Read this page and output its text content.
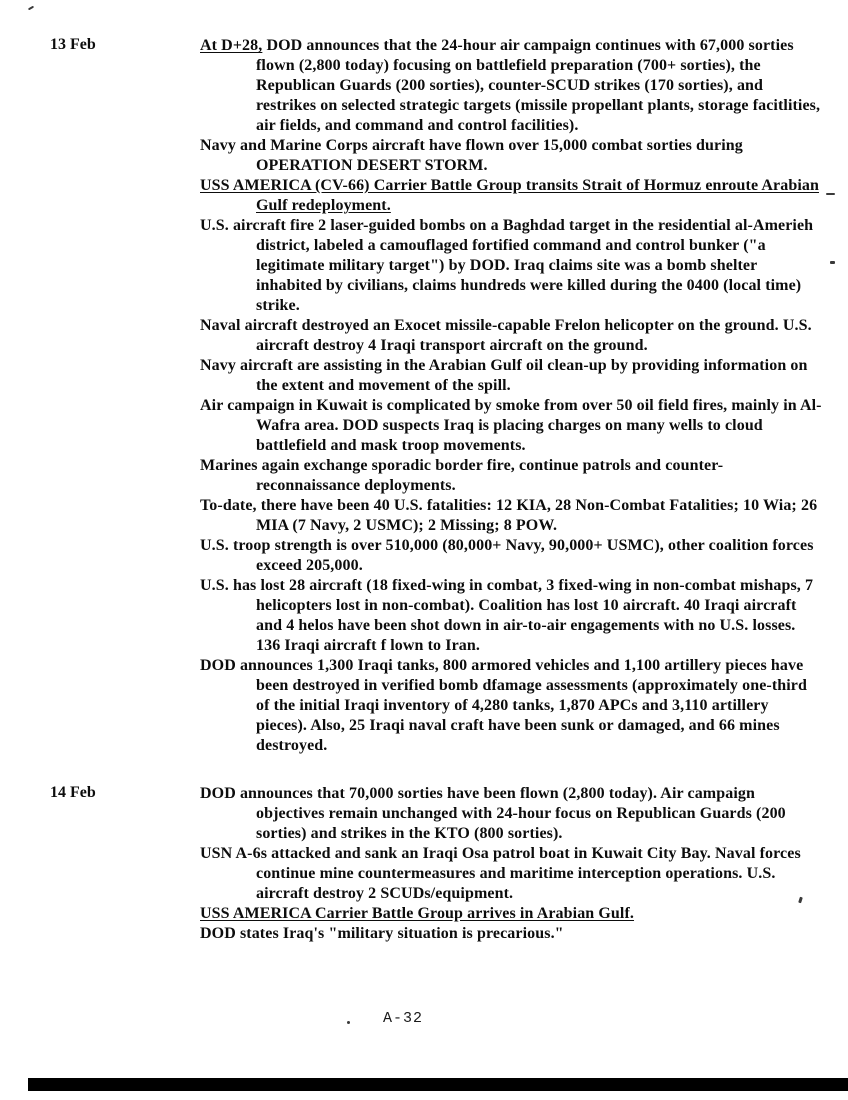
13 Feb	At D+28, DOD announces that the 24-hour air campaign continues with 67,000 sorties flown (2,800 today) focusing on battlefield preparation (700+ sorties), the Republican Guards (200 sorties), counter-SCUD strikes (170 sorties), and restrikes on selected strategic targets (missile propellant plants, storage facitlities, air fields, and command and control facilities).

Navy and Marine Corps aircraft have flown over 15,000 combat sorties during OPERATION DESERT STORM.

USS AMERICA (CV-66) Carrier Battle Group transits Strait of Hormuz enroute Arabian Gulf redeployment.

U.S. aircraft fire 2 laser-guided bombs on a Baghdad target in the residential al-Amerieh district, labeled a camouflaged fortified command and control bunker ("a legitimate military target") by DOD. Iraq claims site was a bomb shelter inhabited by civilians, claims hundreds were killed during the 0400 (local time) strike.

Naval aircraft destroyed an Exocet missile-capable Frelon helicopter on the ground. U.S. aircraft destroy 4 Iraqi transport aircraft on the ground.

Navy aircraft are assisting in the Arabian Gulf oil clean-up by providing information on the extent and movement of the spill.

Air campaign in Kuwait is complicated by smoke from over 50 oil field fires, mainly in Al-Wafra area. DOD suspects Iraq is placing charges on many wells to cloud battlefield and mask troop movements.

Marines again exchange sporadic border fire, continue patrols and counter-reconnaissance deployments.

To-date, there have been 40 U.S. fatalities: 12 KIA, 28 Non-Combat Fatalities; 10 Wia; 26 MIA (7 Navy, 2 USMC); 2 Missing; 8 POW.

U.S. troop strength is over 510,000 (80,000+ Navy, 90,000+ USMC), other coalition forces exceed 205,000.

U.S. has lost 28 aircraft (18 fixed-wing in combat, 3 fixed-wing in non-combat mishaps, 7 helicopters lost in non-combat). Coalition has lost 10 aircraft. 40 Iraqi aircraft and 4 helos have been shot down in air-to-air engagements with no U.S. losses. 136 Iraqi aircraft f lown to Iran.

DOD announces 1,300 Iraqi tanks, 800 armored vehicles and 1,100 artillery pieces have been destroyed in verified bomb dfamage assessments (approximately one-third of the initial Iraqi inventory of 4,280 tanks, 1,870 APCs and 3,110 artillery pieces). Also, 25 Iraqi naval craft have been sunk or damaged, and 66 mines destroyed.

14 Feb	DOD announces that 70,000 sorties have been flown (2,800 today). Air campaign objectives remain unchanged with 24-hour focus on Republican Guards (200 sorties) and strikes in the KTO (800 sorties).

USN A-6s attacked and sank an Iraqi Osa patrol boat in Kuwait City Bay. Naval forces continue mine countermeasures and maritime interception operations. U.S. aircraft destroy 2 SCUDs/equipment.

USS AMERICA Carrier Battle Group arrives in Arabian Gulf.

DOD states Iraq's "military situation is precarious."

A-32
